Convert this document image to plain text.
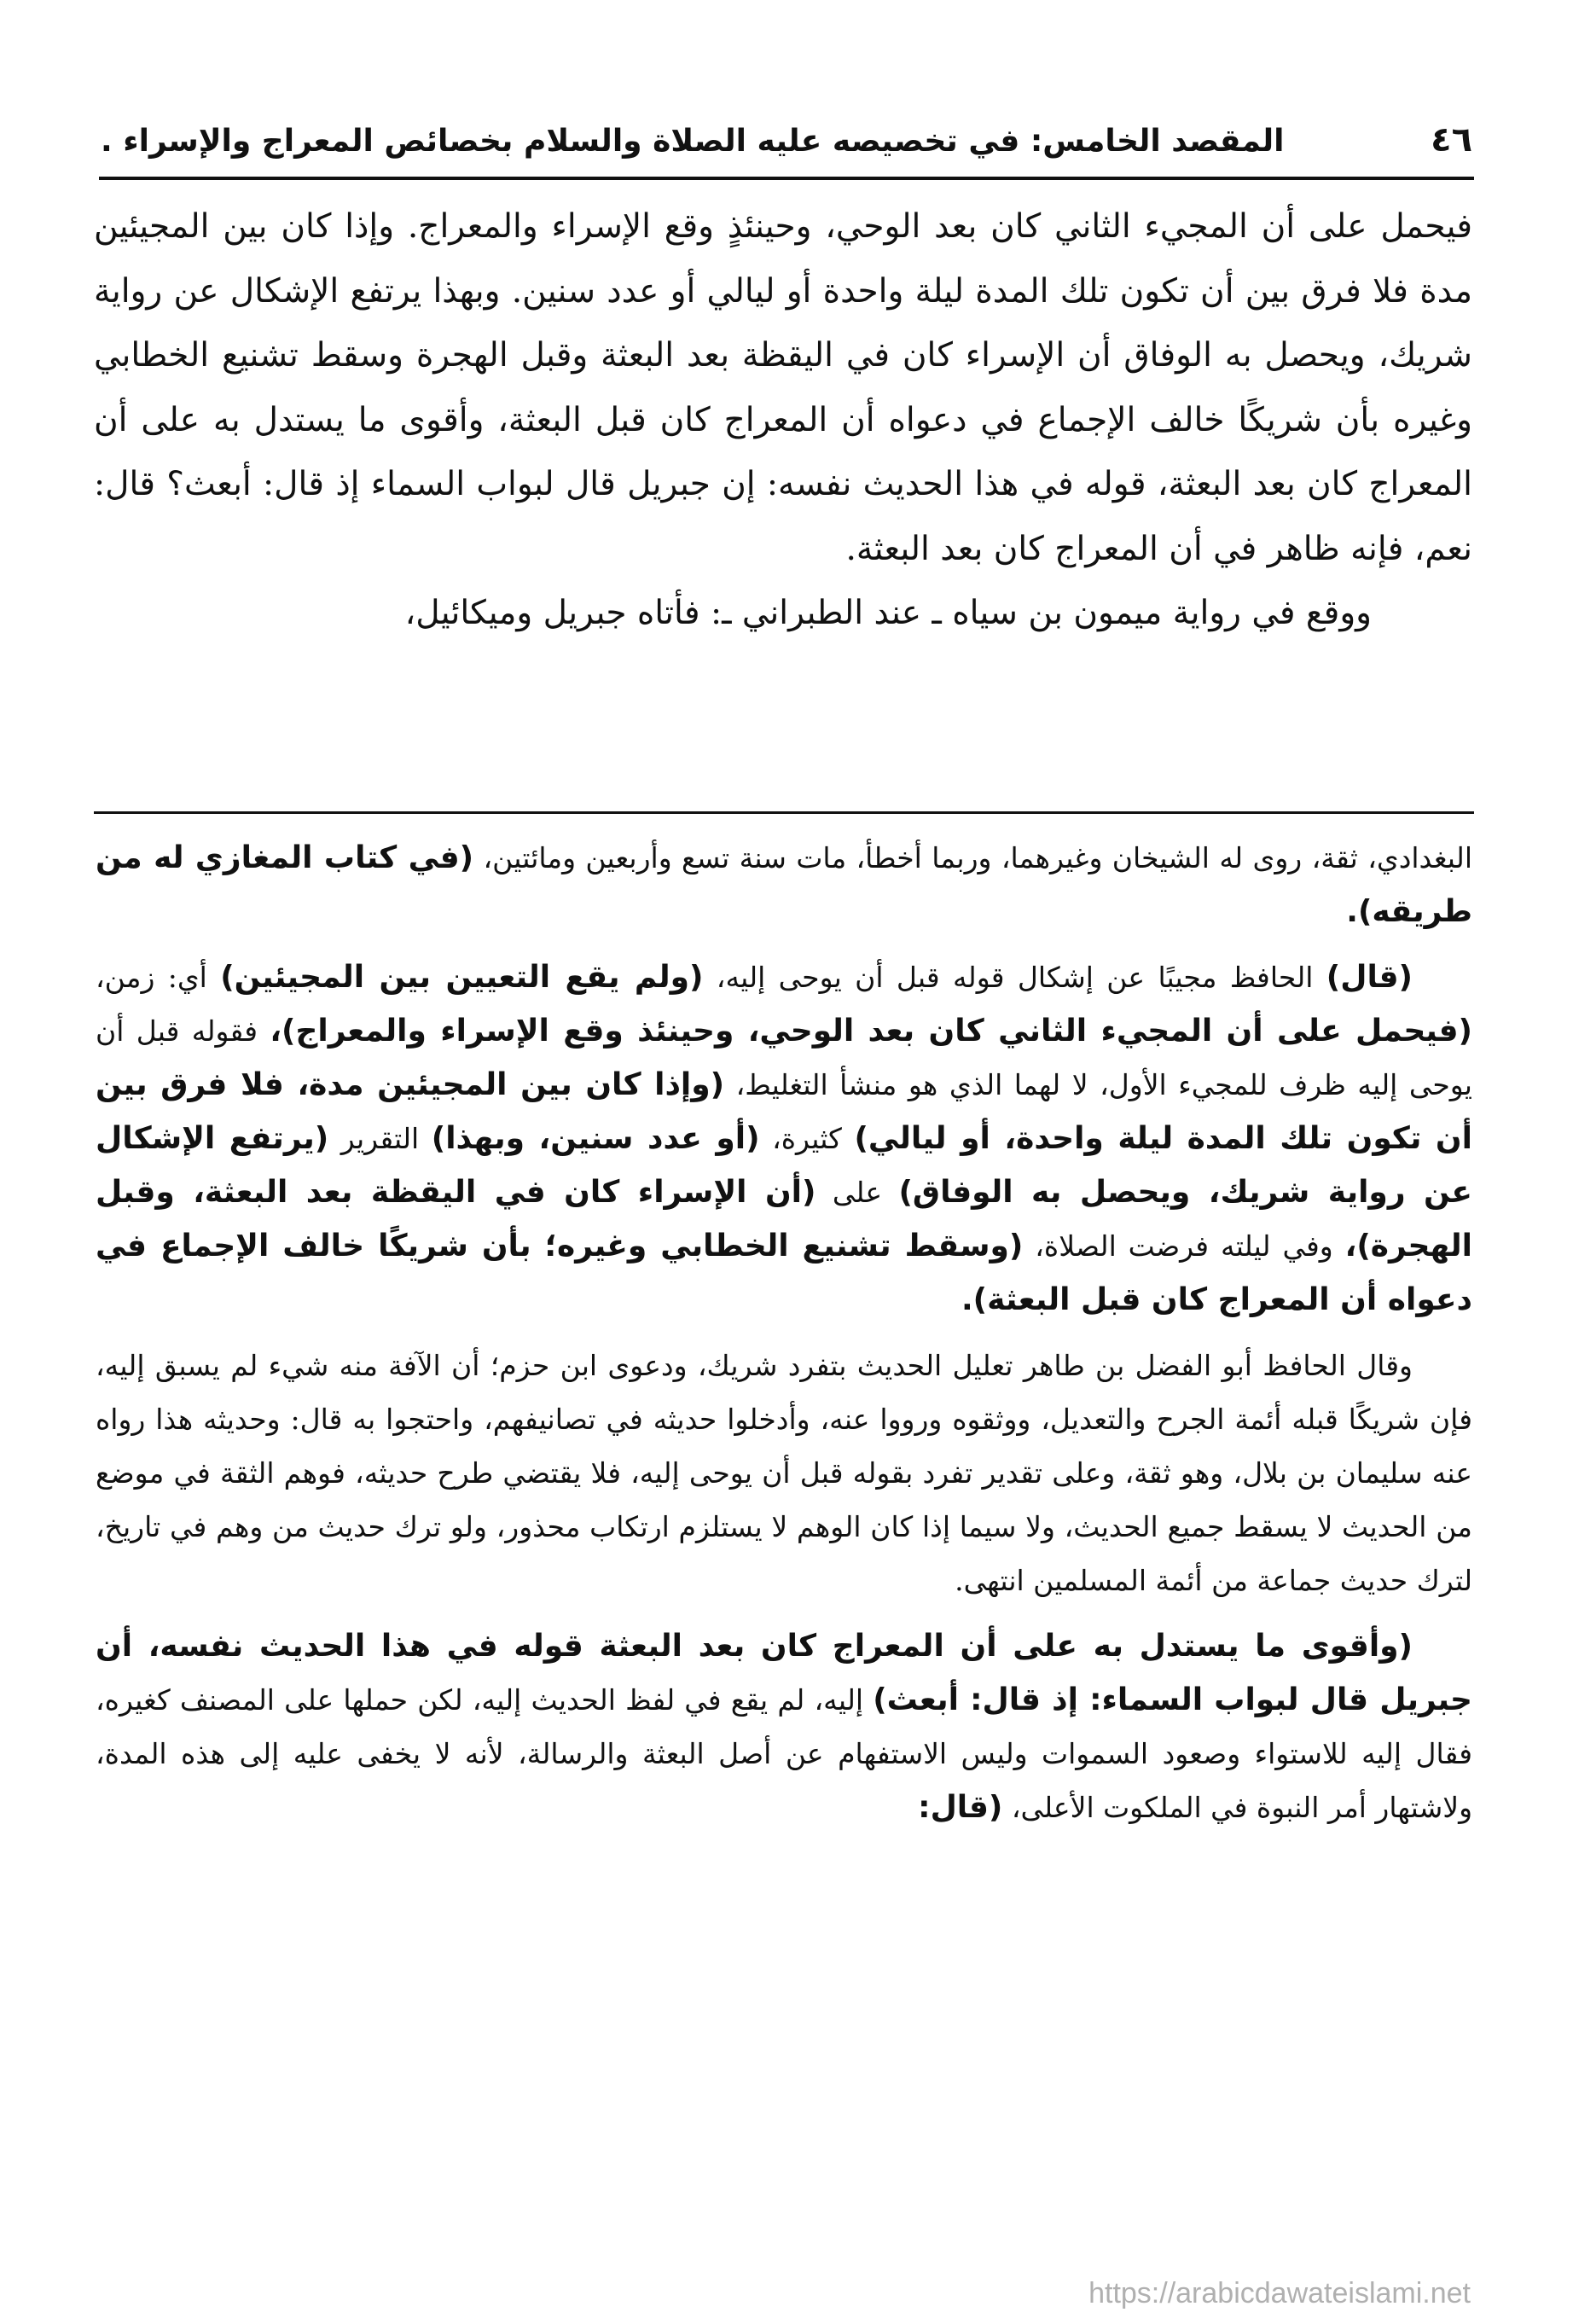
٤٦
المقصد الخامس: في تخصيصه عليه الصلاة والسلام بخصائص المعراج والإسراء .

فيحمل على أن المجيء الثاني كان بعد الوحي، وحينئذٍ وقع الإسراء والمعراج. وإذا كان بين المجيئين مدة فلا فرق بين أن تكون تلك المدة ليلة واحدة أو ليالي أو عدد سنين. وبهذا يرتفع الإشكال عن رواية شريك، ويحصل به الوفاق أن الإسراء كان في اليقظة بعد البعثة وقبل الهجرة وسقط تشنيع الخطابي وغيره بأن شريكًا خالف الإجماع في دعواه أن المعراج كان قبل البعثة، وأقوى ما يستدل به على أن المعراج كان بعد البعثة، قوله في هذا الحديث نفسه: إن جبريل قال لبواب السماء إذ قال: أبعث؟ قال: نعم، فإنه ظاهر في أن المعراج كان بعد البعثة.

ووقع في رواية ميمون بن سياه ـ عند الطبراني ـ: فأتاه جبريل وميكائيل،

البغدادي، ثقة، روى له الشيخان وغيرهما، وربما أخطأ، مات سنة تسع وأربعين ومائتين، (في كتاب المغازي له من طريقه).

(قال) الحافظ مجيبًا عن إشكال قوله قبل أن يوحى إليه، (ولم يقع التعيين بين المجيئين) أي: زمن، (فيحمل على أن المجيء الثاني كان بعد الوحي، وحينئذ وقع الإسراء والمعراج)، فقوله قبل أن يوحى إليه ظرف للمجيء الأول، لا لهما الذي هو منشأ التغليط، (وإذا كان بين المجيئين مدة، فلا فرق بين أن تكون تلك المدة ليلة واحدة، أو ليالي) كثيرة، (أو عدد سنين، وبهذا) التقرير (يرتفع الإشكال عن رواية شريك، ويحصل به الوفاق) على (أن الإسراء كان في اليقظة بعد البعثة، وقبل الهجرة)، وفي ليلته فرضت الصلاة، (وسقط تشنيع الخطابي وغيره؛ بأن شريكًا خالف الإجماع في دعواه أن المعراج كان قبل البعثة).

وقال الحافظ أبو الفضل بن طاهر تعليل الحديث بتفرد شريك، ودعوى ابن حزم؛ أن الآفة منه شيء لم يسبق إليه، فإن شريكًا قبله أئمة الجرح والتعديل، ووثقوه ورووا عنه، وأدخلوا حديثه في تصانيفهم، واحتجوا به قال: وحديثه هذا رواه عنه سليمان بن بلال، وهو ثقة، وعلى تقدير تفرد بقوله قبل أن يوحى إليه، فلا يقتضي طرح حديثه، فوهم الثقة في موضع من الحديث لا يسقط جميع الحديث، ولا سيما إذا كان الوهم لا يستلزم ارتكاب محذور، ولو ترك حديث من وهم في تاريخ، لترك حديث جماعة من أئمة المسلمين انتهى.

(وأقوى ما يستدل به على أن المعراج كان بعد البعثة قوله في هذا الحديث نفسه، أن جبريل قال لبواب السماء: إذ قال: أبعث) إليه، لم يقع في لفظ الحديث إليه، لكن حملها على المصنف كغيره، فقال إليه للاستواء وصعود السموات وليس الاستفهام عن أصل البعثة والرسالة، لأنه لا يخفى عليه إلى هذه المدة، ولاشتهار أمر النبوة في الملكوت الأعلى، (قال:

https://arabicdawateislami.net
